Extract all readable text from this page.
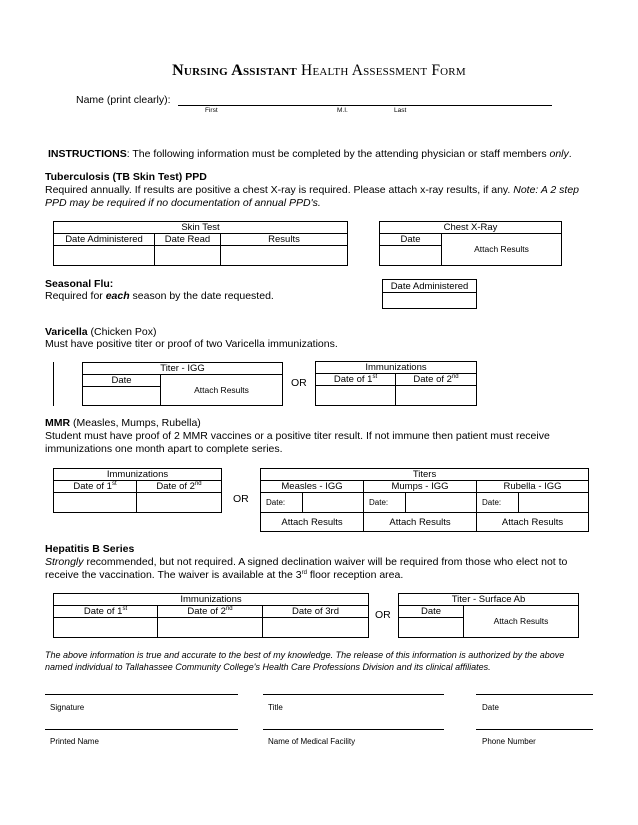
Nursing Assistant Health Assessment Form
Name (print clearly):
First	M.I.	Last
INSTRUCTIONS: The following information must be completed by the attending physician or staff members only.
Tuberculosis (TB Skin Test) PPD
Required annually. If results are positive a chest X-ray is required. Please attach x-ray results, if any. Note: A 2 step
PPD may be required if no documentation of annual PPD's.
Skin Test		
Date Administered	Date Read	Results

Chest X-Ray
Date	Attach Results

Seasonal Flu:
Required for each season by the date requested.
Date Administered

Varicella (Chicken Pox)
Must have positive titer or proof of two Varicella immunizations.
Titer - IGG
Date	Attach Results

OR
Immunizations	
Date of 1st	Date of 2nd

MMR (Measles, Mumps, Rubella)
Student must have proof of 2 MMR vaccines or a positive titer result. If not immune then patient must receive
immunizations one month apart to complete series.
Immunizations	
Date of 1st	Date of 2nd

OR
Titers					
Measles - IGG		Mumps - IGG		Rubella - IGG	
Date:		Date:		Date:	
Attach Results		Attach Results		Attach Results	
Hepatitis B Series
Strongly recommended, but not required. A signed declination waiver will be required from those who elect not to
receive the vaccination. The waiver is available at the 3rd floor reception area.
Immunizations		
Date of 1st	Date of 2nd	Date of 3rd
			OR
Titer - Surface Ab
Date	Attach Results

The above information is true and accurate to the best of my knowledge. The release of this information is authorized by the above
named individual to Tallahassee Community College's Health Care Professions Division and its clinical affiliates.
Signature	Title	Date
Printed Name	Name of Medical Facility	Phone Number
